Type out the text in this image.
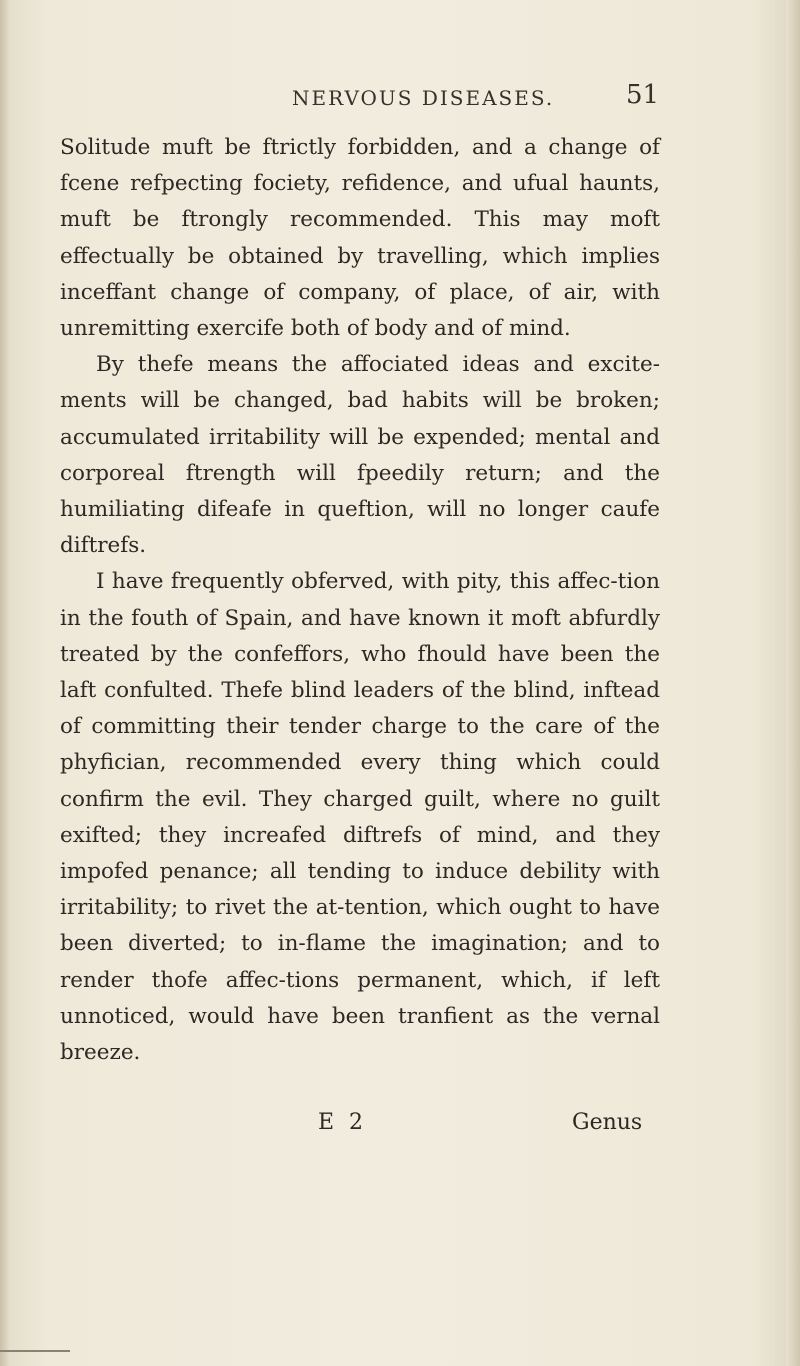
NERVOUS DISEASES.	51

Solitude muft be ftrictly forbidden, and a change of fcene refpecting fociety, refidence, and ufual haunts, muft be ftrongly recommended. This may moft effectually be obtained by travelling, which implies inceffant change of company, of place, of air, with unremitting exercife both of body and of mind.

By thefe means the affociated ideas and excite-ments will be changed, bad habits will be broken; accumulated irritability will be expended; mental and corporeal ftrength will fpeedily return; and the humiliating difeafe in queftion, will no longer caufe diftrefs.

I have frequently obferved, with pity, this affec-tion in the fouth of Spain, and have known it moft abfurdly treated by the confeffors, who fhould have been the laft confulted. Thefe blind leaders of the blind, inftead of committing their tender charge to the care of the phyfician, recommended every thing which could confirm the evil. They charged guilt, where no guilt exifted; they increafed diftrefs of mind, and they impofed penance; all tending to induce debility with irritability; to rivet the at-tention, which ought to have been diverted; to in-flame the imagination; and to render thofe affec-tions permanent, which, if left unnoticed, would have been tranfient as the vernal breeze.

E 2	Genus
